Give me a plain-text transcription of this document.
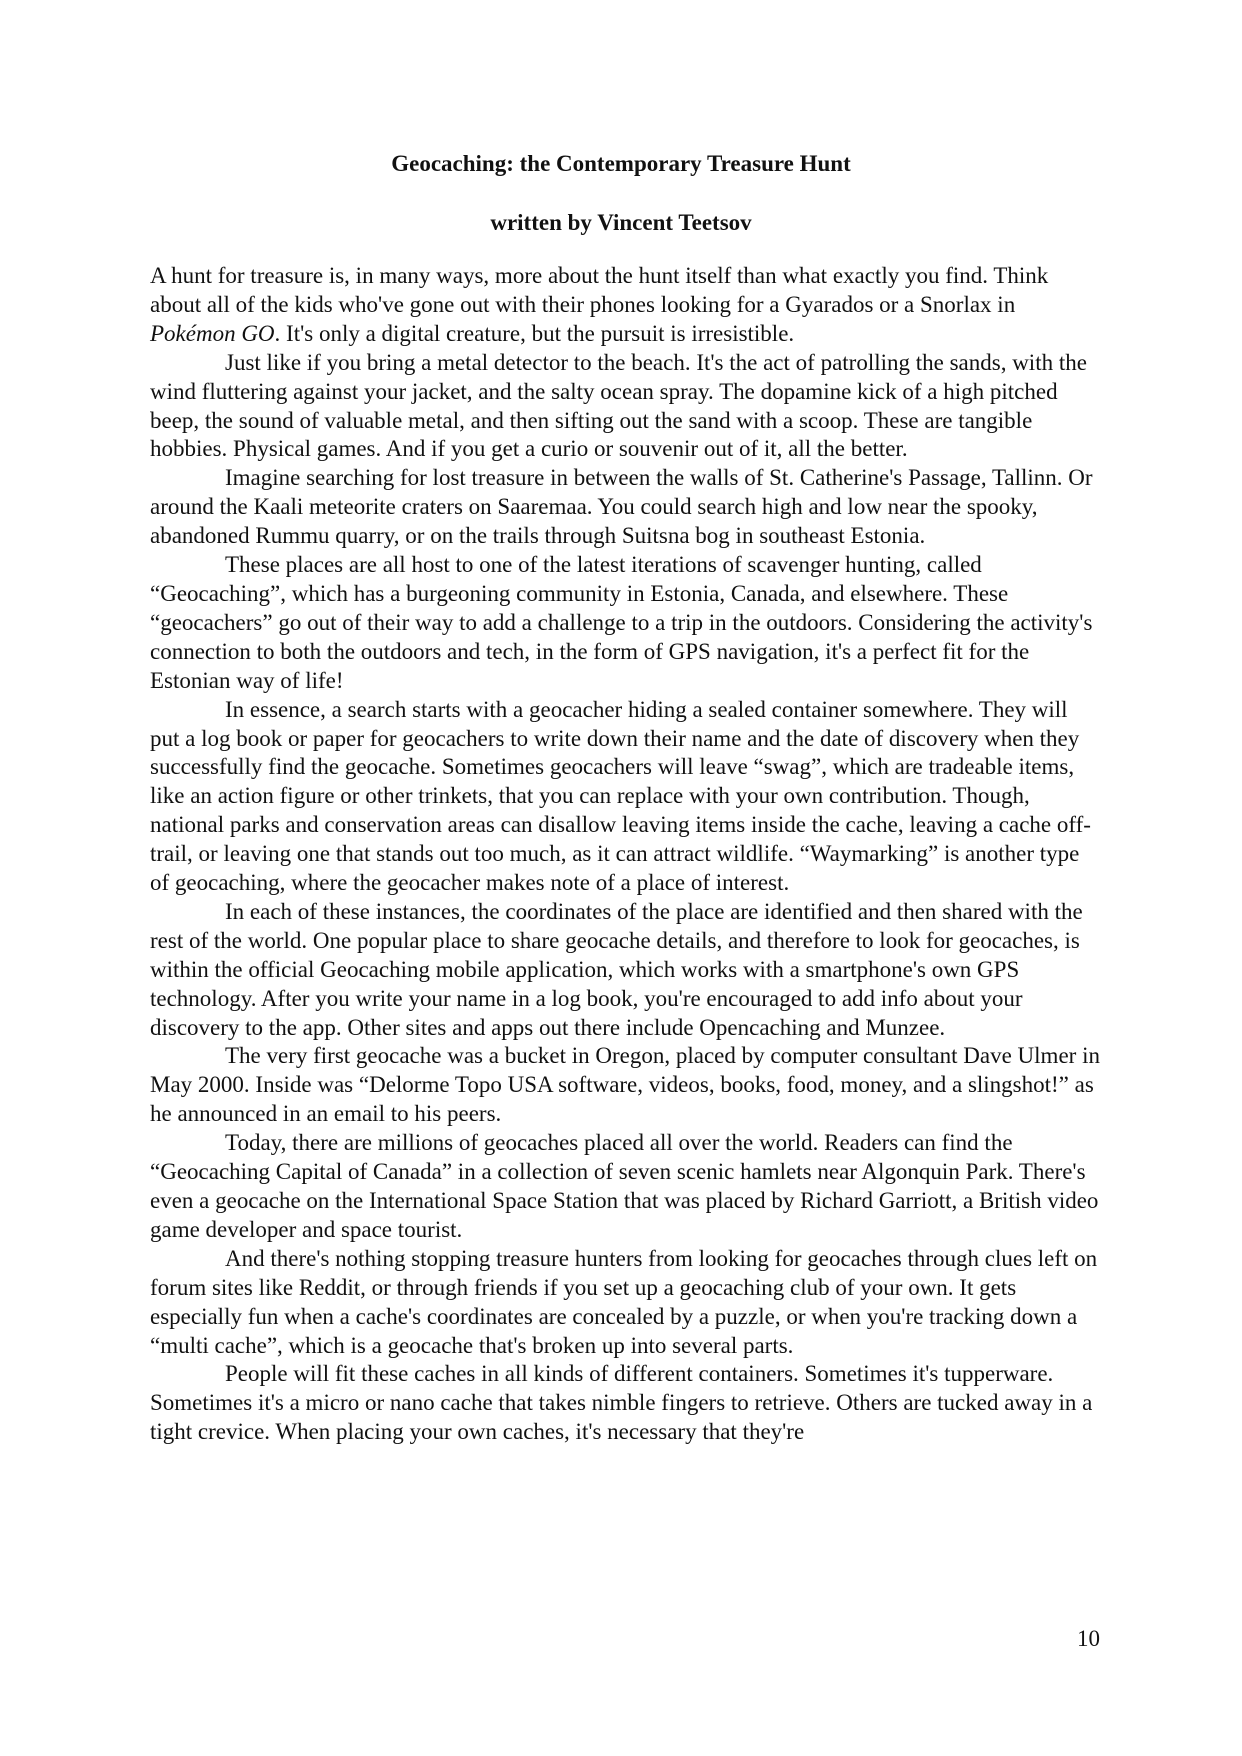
Geocaching: the Contemporary Treasure Hunt
written by Vincent Teetsov

A hunt for treasure is, in many ways, more about the hunt itself than what exactly you find. Think about all of the kids who've gone out with their phones looking for a Gyarados or a Snorlax in Pokémon GO. It's only a digital creature, but the pursuit is irresistible.

Just like if you bring a metal detector to the beach. It's the act of patrolling the sands, with the wind fluttering against your jacket, and the salty ocean spray. The dopamine kick of a high pitched beep, the sound of valuable metal, and then sifting out the sand with a scoop. These are tangible hobbies. Physical games. And if you get a curio or souvenir out of it, all the better.

Imagine searching for lost treasure in between the walls of St. Catherine's Passage, Tallinn. Or around the Kaali meteorite craters on Saaremaa. You could search high and low near the spooky, abandoned Rummu quarry, or on the trails through Suitsna bog in southeast Estonia.

These places are all host to one of the latest iterations of scavenger hunting, called “Geocaching”, which has a burgeoning community in Estonia, Canada, and elsewhere. These “geocachers” go out of their way to add a challenge to a trip in the outdoors. Considering the activity's connection to both the outdoors and tech, in the form of GPS navigation, it's a perfect fit for the Estonian way of life!

In essence, a search starts with a geocacher hiding a sealed container somewhere. They will put a log book or paper for geocachers to write down their name and the date of discovery when they successfully find the geocache. Sometimes geocachers will leave “swag”, which are tradeable items, like an action figure or other trinkets, that you can replace with your own contribution. Though, national parks and conservation areas can disallow leaving items inside the cache, leaving a cache off-trail, or leaving one that stands out too much, as it can attract wildlife. “Waymarking” is another type of geocaching, where the geocacher makes note of a place of interest.

In each of these instances, the coordinates of the place are identified and then shared with the rest of the world. One popular place to share geocache details, and therefore to look for geocaches, is within the official Geocaching mobile application, which works with a smartphone's own GPS technology. After you write your name in a log book, you're encouraged to add info about your discovery to the app. Other sites and apps out there include Opencaching and Munzee.

The very first geocache was a bucket in Oregon, placed by computer consultant Dave Ulmer in May 2000. Inside was “Delorme Topo USA software, videos, books, food, money, and a slingshot!” as he announced in an email to his peers.

Today, there are millions of geocaches placed all over the world. Readers can find the “Geocaching Capital of Canada” in a collection of seven scenic hamlets near Algonquin Park. There's even a geocache on the International Space Station that was placed by Richard Garriott, a British video game developer and space tourist.

And there's nothing stopping treasure hunters from looking for geocaches through clues left on forum sites like Reddit, or through friends if you set up a geocaching club of your own. It gets especially fun when a cache's coordinates are concealed by a puzzle, or when you're tracking down a “multi cache”, which is a geocache that's broken up into several parts.

People will fit these caches in all kinds of different containers. Sometimes it's tupperware. Sometimes it's a micro or nano cache that takes nimble fingers to retrieve. Others are tucked away in a tight crevice. When placing your own caches, it's necessary that they're

10
